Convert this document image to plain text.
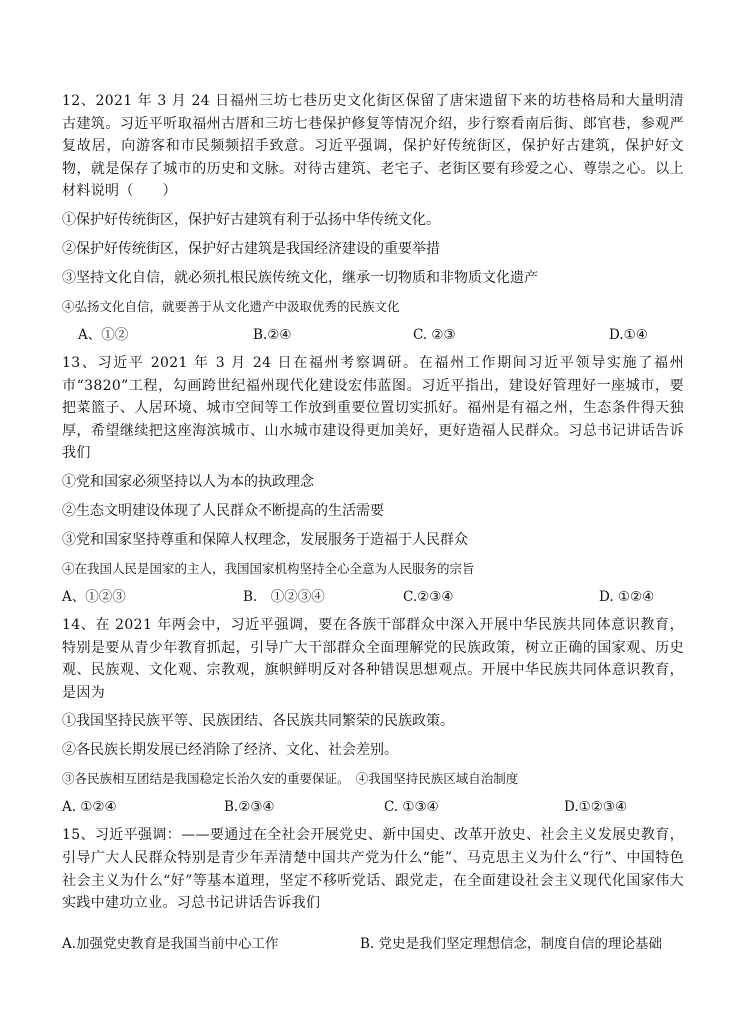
12、2021 年 3 月 24 日福州三坊七巷历史文化街区保留了唐宋遗留下来的坊巷格局和大量明清古建筑。习近平听取福州古厝和三坊七巷保护修复等情况介绍，步行察看南后街、郎官巷，参观严复故居，向游客和市民频频招手致意。习近平强调，保护好传统街区，保护好古建筑，保护好文物，就是保存了城市的历史和文脉。对待古建筑、老宅子、老街区要有珍爱之心、尊崇之心。以上材料说明（　　）

①保护好传统街区，保护好古建筑有利于弘扬中华传统文化。

②保护好传统街区，保护好古建筑是我国经济建设的重要举措

③坚持文化自信，就必须扎根民族传统文化，继承一切物质和非物质文化遗产

④弘扬文化自信，就要善于从文化遗产中汲取优秀的民族文化

A、①②	B.②④	C. ②③	D.①④

13、习近平 2021 年 3 月 24 日在福州考察调研。在福州工作期间习近平领导实施了福州市“3820”工程，勾画跨世纪福州现代化建设宏伟蓝图。习近平指出，建设好管理好一座城市，要把菜篮子、人居环境、城市空间等工作放到重要位置切实抓好。福州是有福之州，生态条件得天独厚，希望继续把这座海滨城市、山水城市建设得更加美好，更好造福人民群众。习总书记讲话告诉我们

①党和国家必须坚持以人为本的执政理念

②生态文明建设体现了人民群众不断提高的生活需要

③党和国家坚持尊重和保障人权理念，发展服务于造福于人民群众

④在我国人民是国家的主人，我国国家机构坚持全心全意为人民服务的宗旨

A、①②③	B.　①②③④	C.②③④	D. ①②④

14、在 2021 年两会中，习近平强调，要在各族干部群众中深入开展中华民族共同体意识教育，特别是要从青少年教育抓起，引导广大干部群众全面理解党的民族政策，树立正确的国家观、历史观、民族观、文化观、宗教观，旗帜鲜明反对各种错误思想观点。开展中华民族共同体意识教育，是因为

①我国坚持民族平等、民族团结、各民族共同繁荣的民族政策。

②各民族长期发展已经消除了经济、文化、社会差别。

③各民族相互团结是我国稳定长治久安的重要保证。　④我国坚持民族区域自治制度

A. ①②④	B.②③④	C. ①③④	D.①②③④

15、习近平强调：——要通过在全社会开展党史、新中国史、改革开放史、社会主义发展史教育，引导广大人民群众特别是青少年弄清楚中国共产党为什么“能”、马克思主义为什么“行”、中国特色社会主义为什么“好”等基本道理，坚定不移听党话、跟党走，在全面建设社会主义现代化国家伟大实践中建功立业。习总书记讲话告诉我们

A.加强党史教育是我国当前中心工作	B. 党史是我们坚定理想信念，制度自信的理论基础
